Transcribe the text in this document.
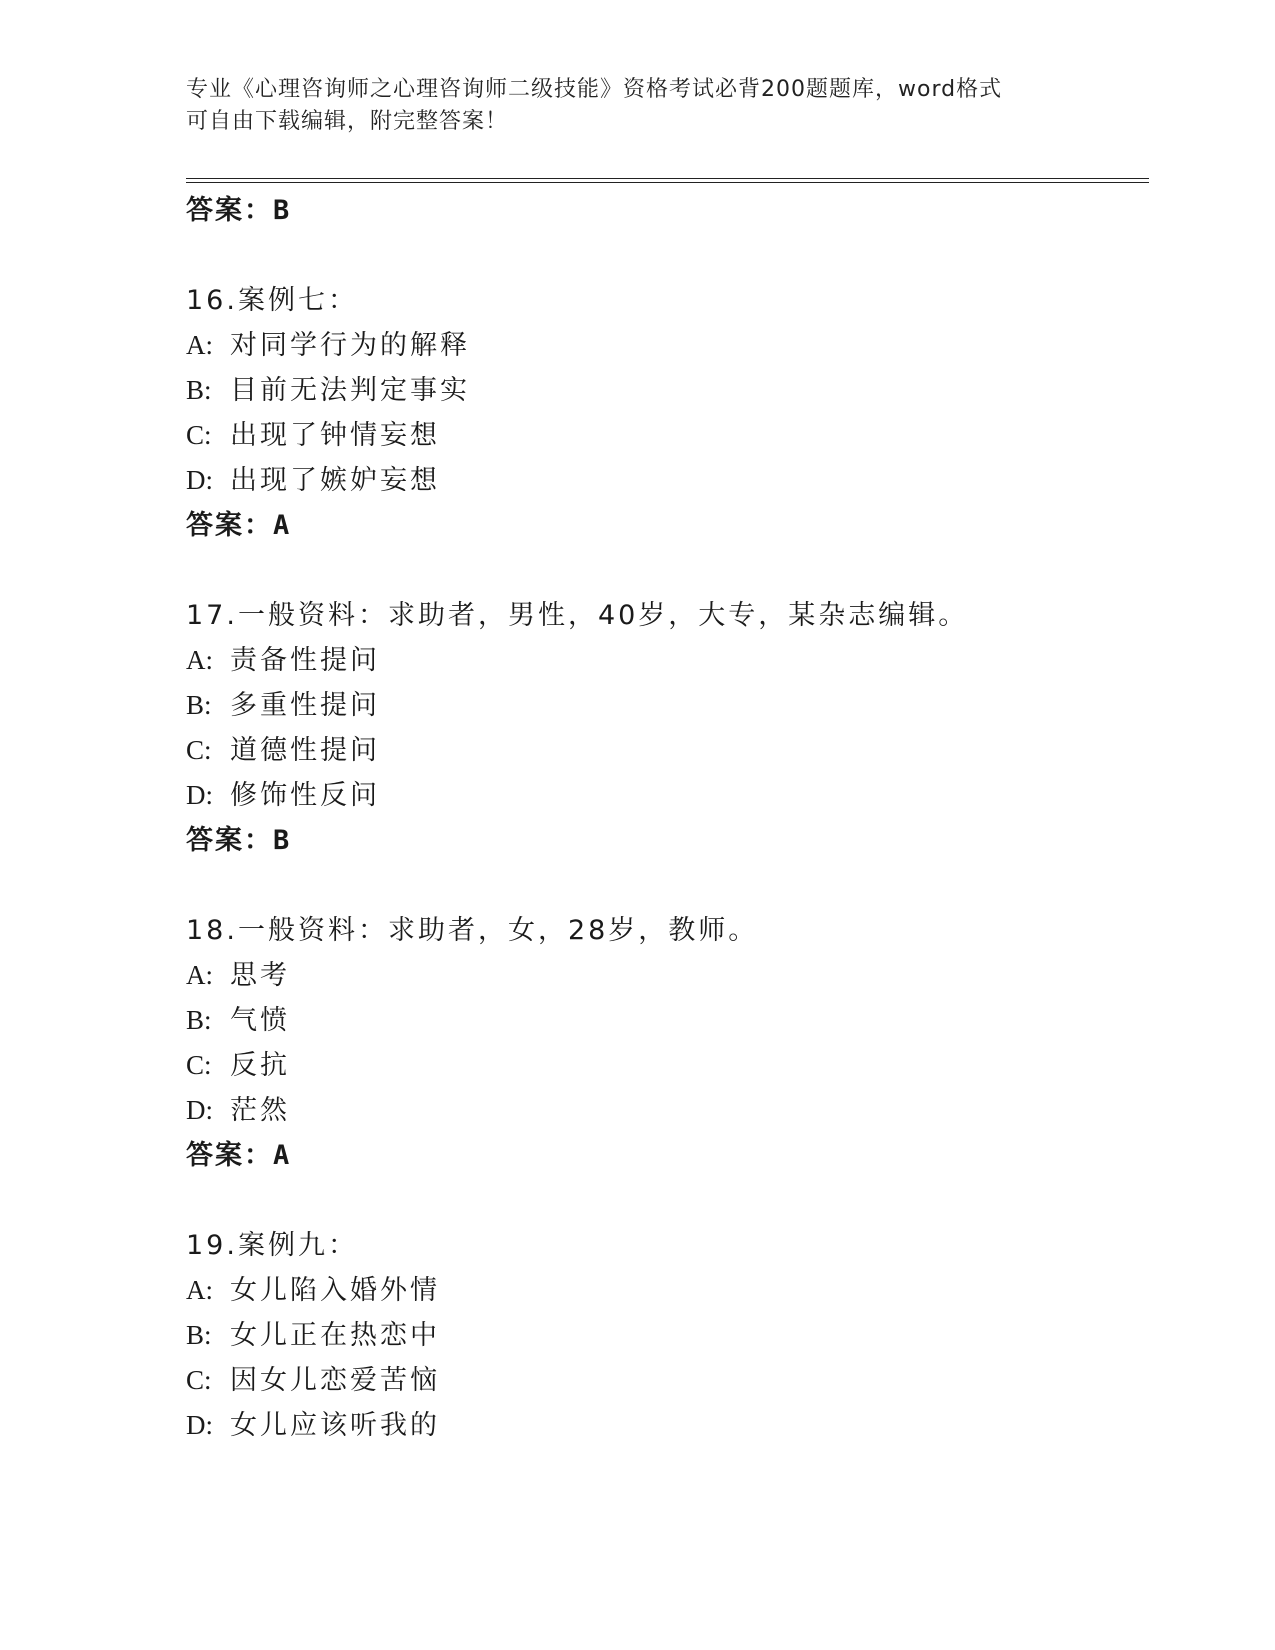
专业《心理咨询师之心理咨询师二级技能》资格考试必背200题题库，word格式
可自由下载编辑，附完整答案！
答案：B
16.案例七：
A: 对同学行为的解释
B: 目前无法判定事实
C: 出现了钟情妄想
D: 出现了嫉妒妄想
答案：A
17.一般资料：求助者，男性，40岁，大专，某杂志编辑。
A: 责备性提问
B: 多重性提问
C: 道德性提问
D: 修饰性反问
答案：B
18.一般资料：求助者，女，28岁，教师。
A: 思考
B: 气愤
C: 反抗
D: 茫然
答案：A
19.案例九：
A: 女儿陷入婚外情
B: 女儿正在热恋中
C: 因女儿恋爱苦恼
D: 女儿应该听我的
